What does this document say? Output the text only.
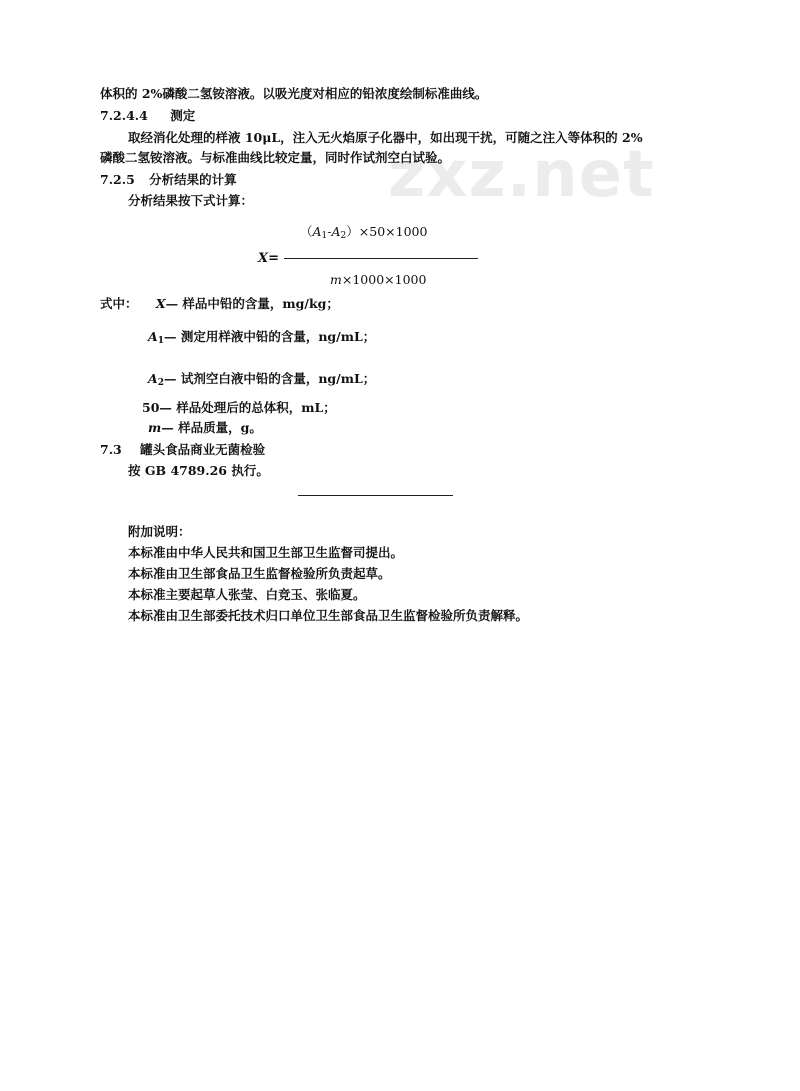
zxz.net
体积的 2%磷酸二氢铵溶液。以吸光度对相应的铅浓度绘制标准曲线。
7.2.4.4 测定
取经消化处理的样液 10μL，注入无火焰原子化器中，如出现干扰，可随之注入等体积的 2%
磷酸二氢铵溶液。与标准曲线比较定量，同时作试剂空白试验。
7.2.5 分析结果的计算
分析结果按下式计算：
$(A_1-A_2)\times 50\times 1000$
X=
m×1000×1000
式中： X— 样品中铅的含量，mg/kg；
$A_1—$ 测定用样液中铅的含量，ng/mL；
$A_2—$ 试剂空白液中铅的含量，ng/mL；
50— 样品处理后的总体积，mL；
m— 样品质量，g。
7.3 罐头食品商业无菌检验
按 GB 4789.26 执行。
附加说明：
本标准由中华人民共和国卫生部卫生监督司提出。
本标准由卫生部食品卫生监督检验所负责起草。
本标准主要起草人张莹、白竞玉、张临夏。
本标准由卫生部委托技术归口单位卫生部食品卫生监督检验所负责解释。
